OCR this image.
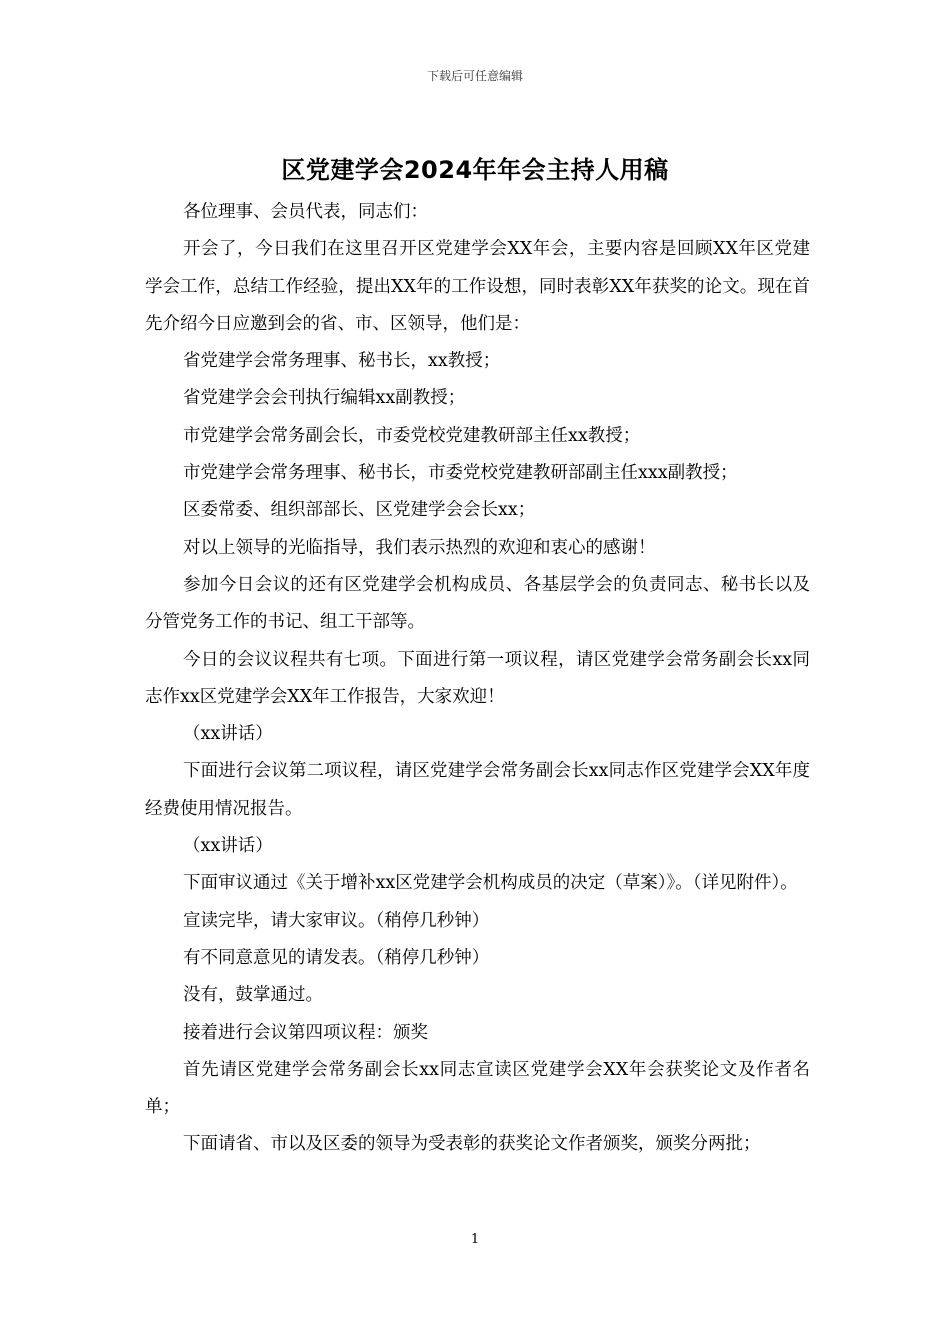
下载后可任意编辑
区党建学会2024年年会主持人用稿

各位理事、会员代表，同志们：

开会了，今日我们在这里召开区党建学会XX年会，主要内容是回顾XX年区党建学会工作，总结工作经验，提出XX年的工作设想，同时表彰XX年获奖的论文。现在首先介绍今日应邀到会的省、市、区领导，他们是：

省党建学会常务理事、秘书长，xx教授；

省党建学会会刊执行编辑xx副教授；

市党建学会常务副会长，市委党校党建教研部主任xx教授；

市党建学会常务理事、秘书长，市委党校党建教研部副主任xxx副教授；

区委常委、组织部部长、区党建学会会长xx；

对以上领导的光临指导，我们表示热烈的欢迎和衷心的感谢！

参加今日会议的还有区党建学会机构成员、各基层学会的负责同志、秘书长以及分管党务工作的书记、组工干部等。

今日的会议议程共有七项。下面进行第一项议程，请区党建学会常务副会长xx同志作xx区党建学会XX年工作报告，大家欢迎！

（xx讲话）

下面进行会议第二项议程，请区党建学会常务副会长xx同志作区党建学会XX年度经费使用情况报告。

（xx讲话）

下面审议通过《关于增补xx区党建学会机构成员的决定（草案）》。（详见附件）。

宣读完毕，请大家审议。（稍停几秒钟）

有不同意意见的请发表。（稍停几秒钟）

没有，鼓掌通过。

接着进行会议第四项议程：颁奖

首先请区党建学会常务副会长xx同志宣读区党建学会XX年会获奖论文及作者名单；

下面请省、市以及区委的领导为受表彰的获奖论文作者颁奖，颁奖分两批；

1
